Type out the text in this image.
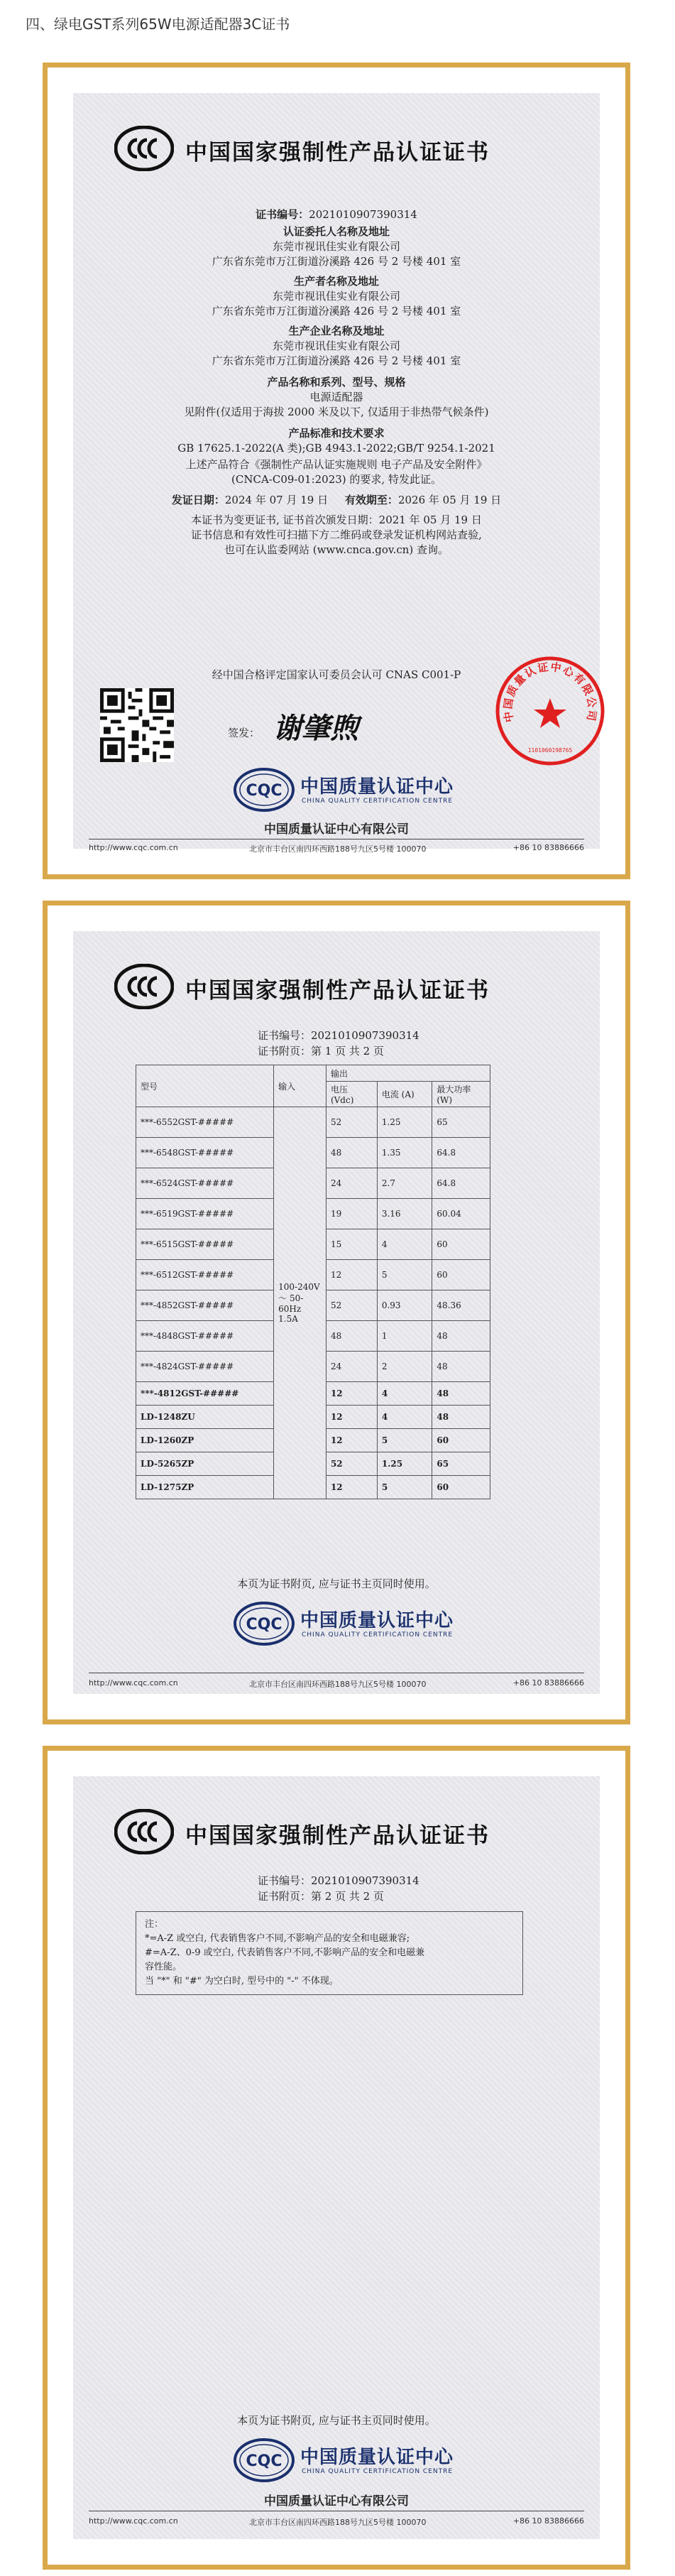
四、绿电GST系列65W电源适配器3C证书
中国国家强制性产品认证证书
证书编号：2021010907390314
认证委托人名称及地址
东莞市视讯佳实业有限公司
广东省东莞市万江街道汾溪路 426 号 2 号楼 401 室
生产者名称及地址
东莞市视讯佳实业有限公司
广东省东莞市万江街道汾溪路 426 号 2 号楼 401 室
生产企业名称及地址
东莞市视讯佳实业有限公司
广东省东莞市万江街道汾溪路 426 号 2 号楼 401 室
产品名称和系列、型号、规格
电源适配器
见附件(仅适用于海拔 2000 米及以下, 仅适用于非热带气候条件)
产品标准和技术要求
GB 17625.1-2022(A 类);GB 4943.1-2022;GB/T 9254.1-2021
上述产品符合《强制性产品认证实施规则 电子产品及安全附件》
(CNCA-C09-01:2023) 的要求, 特发此证。
发证日期：2024 年 07 月 19 日 有效期至：2026 年 05 月 19 日
本证书为变更证书, 证书首次颁发日期：2021 年 05 月 19 日
证书信息和有效性可扫描下方二维码或登录发证机构网站查验,
也可在认监委网站 (www.cnca.gov.cn) 查询。
经中国合格评定国家认可委员会认可 CNAS C001-P
签发： 谢肇煦	中国质量认证中心有限公司
1101060198765
CQC 中国质量认证中心
CHINA QUALITY CERTIFICATION CENTRE
中国质量认证中心有限公司
http://www.cqc.com.cn	北京市丰台区南四环西路188号九区5号楼 100070	+86 10 83886666
中国国家强制性产品认证证书
证书编号：2021010907390314
证书附页：第 1 页 共 2 页
型号	输入	输出		
		电压 (Vdc)	电流 (A)	最大功率 (W)
***-6552GST-#####	100-240V ～ 50-60Hz 1.5A	52	1.25	65
***-6548GST-#####		48	1.35	64.8
***-6524GST-#####		24	2.7	64.8
***-6519GST-#####		19	3.16	60.04
***-6515GST-#####		15	4	60
***-6512GST-#####		12	5	60
***-4852GST-#####		52	0.93	48.36
***-4848GST-#####		48	1	48
***-4824GST-#####		24	2	48
***-4812GST-#####		12	4	48
LD-1248ZU		12	4	48
LD-1260ZP		12	5	60
LD-5265ZP		52	1.25	65
LD-1275ZP		12	5	60
本页为证书附页, 应与证书主页同时使用。
CQC 中国质量认证中心
CHINA QUALITY CERTIFICATION CENTRE
http://www.cqc.com.cn	北京市丰台区南四环西路188号九区5号楼 100070	+86 10 83886666
中国国家强制性产品认证证书
证书编号：2021010907390314
证书附页：第 2 页 共 2 页
注：
*=A-Z 或空白, 代表销售客户不同,不影响产品的安全和电磁兼容;
#=A-Z、0-9 或空白, 代表销售客户不同,不影响产品的安全和电磁兼
容性能。
当 "*" 和 "#" 为空白时, 型号中的 "-" 不体现。
本页为证书附页, 应与证书主页同时使用。
CQC 中国质量认证中心
CHINA QUALITY CERTIFICATION CENTRE
中国质量认证中心有限公司
http://www.cqc.com.cn	北京市丰台区南四环西路188号九区5号楼 100070	+86 10 83886666
